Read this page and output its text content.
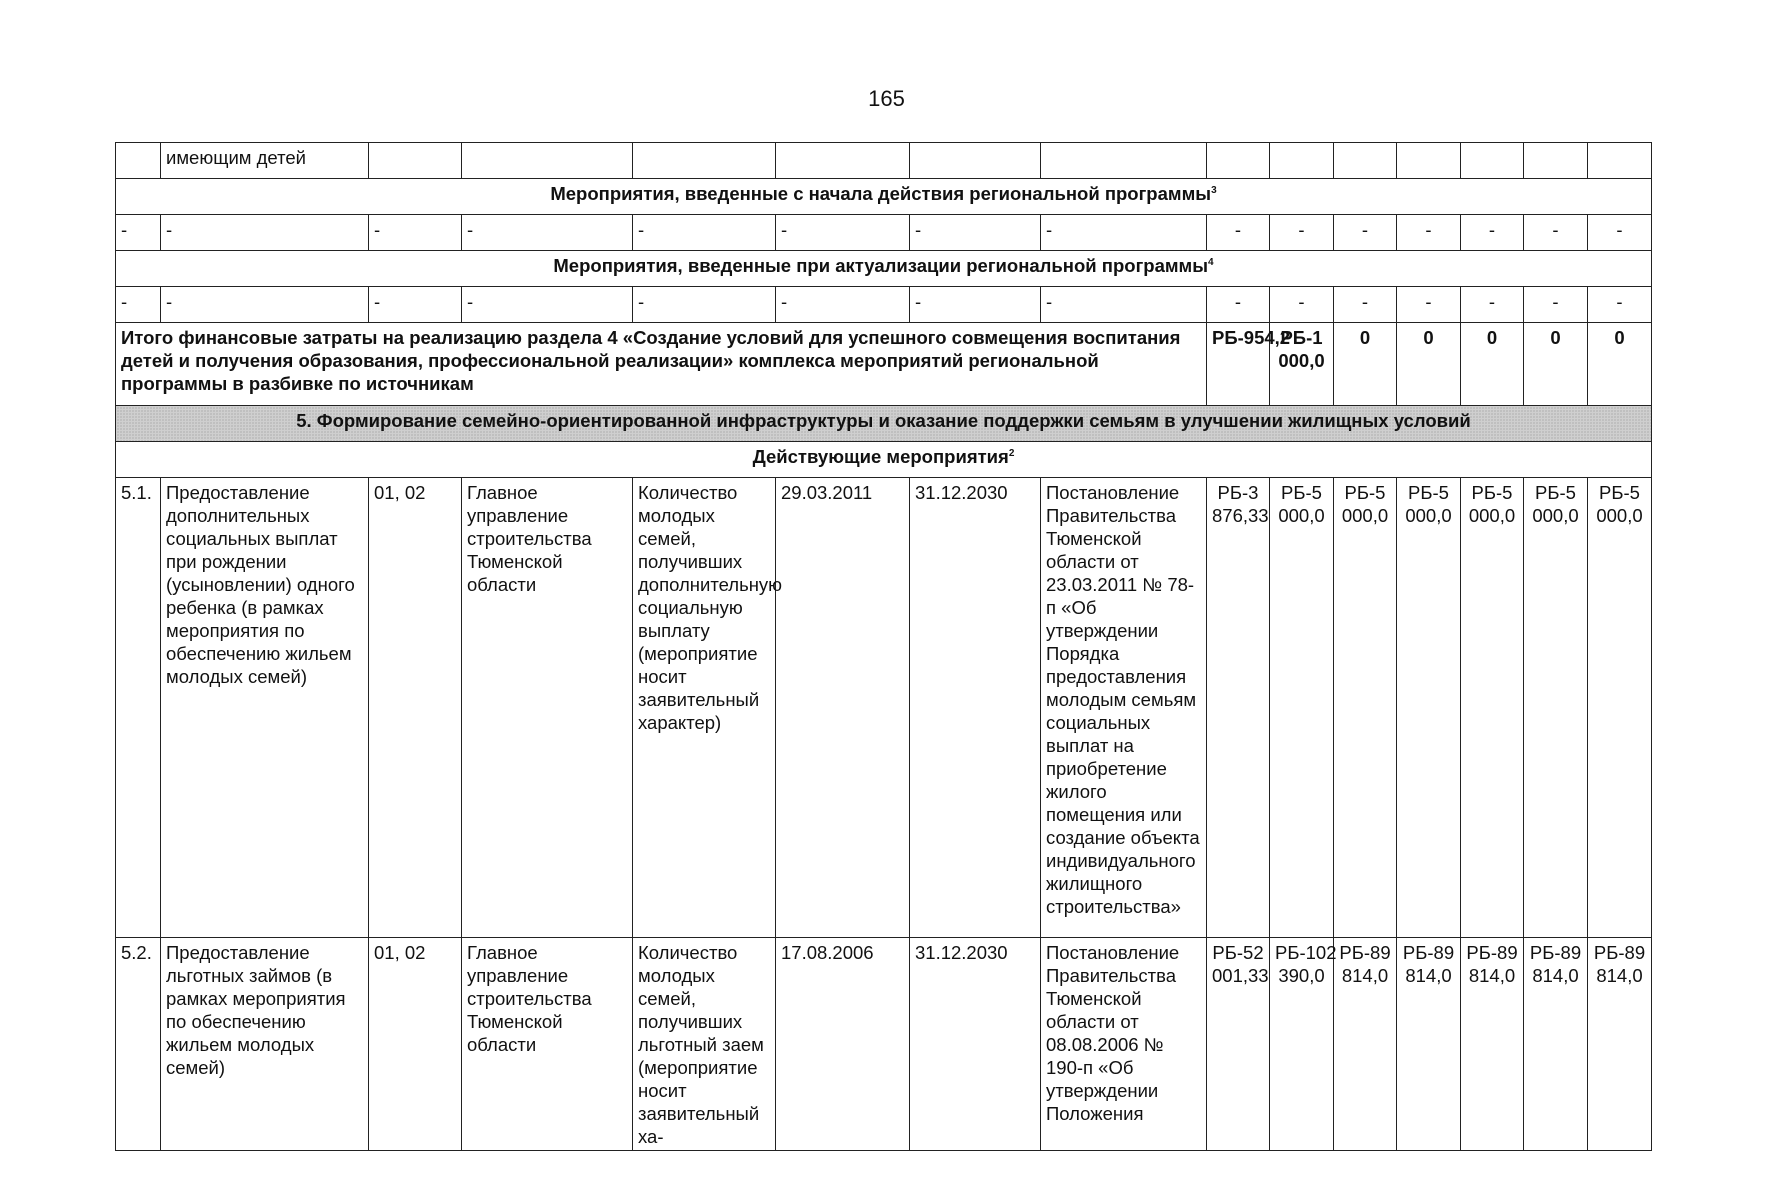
165
	имеющим детей													
Мероприятия, введенные с начала действия региональной программы$^3$
-	-	-	-	-	-	-	-	-	-	-	-	-	-	-
Мероприятия, введенные при актуализации региональной программы$^4$
-	-	-	-	-	-	-	-	-	-	-	-	-	-	-
Итого финансовые затраты на реализацию раздела 4 «Создание условий для успешного совмещения воспитания детей и получения образования, профессиональной реализации» комплекса мероприятий региональной программы в разбивке по источникам								РБ-954,2	РБ-1 000,0	0	0	0	0	0
5. Формирование семейно-ориентированной инфраструктуры и оказание поддержки семьям в улучшении жилищных условий														
Действующие мероприятия$^2$
5.1.	Предоставление дополнительных социальных выплат при рождении (усыновлении) одного ребенка (в рамках мероприятия по обеспечению жильем молодых семей)	01, 02	Главное управление строительства Тюменской области	Количество молодых семей, получивших дополнительную социальную выплату (мероприятие носит заявительный характер)	29.03.2011	31.12.2030	Постановление Правительства Тюменской области от 23.03.2011 № 78-п «Об утверждении Порядка предоставления молодым семьям социальных выплат на приобретение жилого помещения или создание объекта индивидуального жилищного строительства»	РБ-3 876,33	РБ-5 000,0	РБ-5 000,0	РБ-5 000,0	РБ-5 000,0	РБ-5 000,0	РБ-5 000,0
5.2.	Предоставление льготных займов (в рамках мероприятия по обеспечению жильем молодых семей)	01, 02	Главное управление строительства Тюменской области	Количество молодых семей, получивших льготный заем (мероприятие носит заявительный ха-	17.08.2006	31.12.2030	Постановление Правительства Тюменской области от 08.08.2006 № 190-п «Об утверждении Положения	РБ-52 001,33	РБ-102 390,0	РБ-89 814,0	РБ-89 814,0	РБ-89 814,0	РБ-89 814,0	РБ-89 814,0
